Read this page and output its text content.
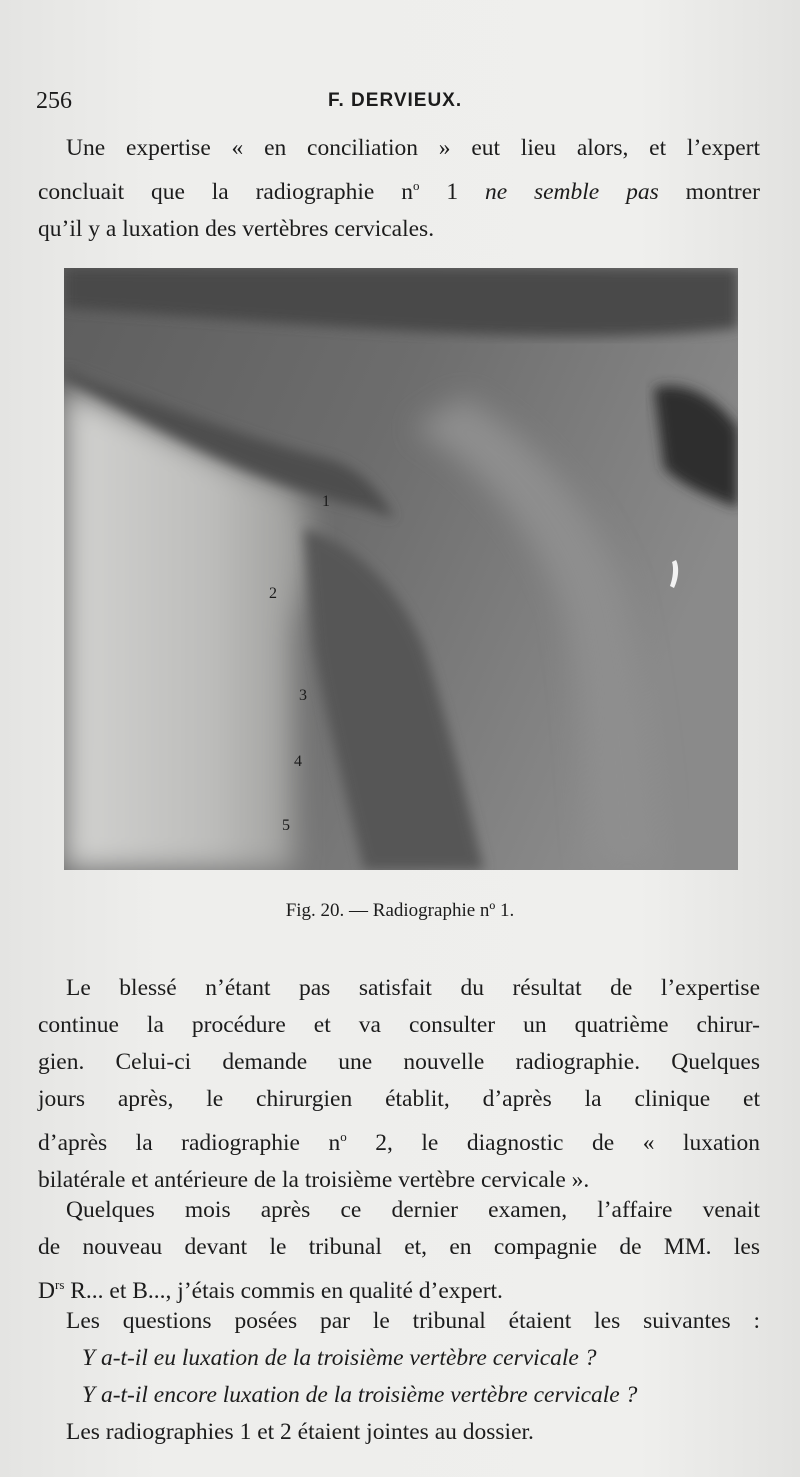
256	F. DERVIEUX.

Une expertise « en conciliation » eut lieu alors, et l’expert
concluait que la radiographie $n^o$ 1 ne semble pas montrer
qu’il y a luxation des vertèbres cervicales.

1
2
3
4
5
Fig. 20. — Radiographie nº 1.

Le blessé n’étant pas satisfait du résultat de l’expertise
continue la procédure et va consulter un quatrième chirur-
gien. Celui-ci demande une nouvelle radiographie. Quelques
jours après, le chirurgien établit, d’après la clinique et
d’après la radiographie $n^o$ 2, le diagnostic de « luxation
bilatérale et antérieure de la troisième vertèbre cervicale ».

Quelques mois après ce dernier examen, l’affaire venait
de nouveau devant le tribunal et, en compagnie de MM. les
$D^{rs}$ R... et B..., j’étais commis en qualité d’expert.

Les questions posées par le tribunal étaient les suivantes :
Y a-t-il eu luxation de la troisième vertèbre cervicale ?
Y a-t-il encore luxation de la troisième vertèbre cervicale ?
Les radiographies 1 et 2 étaient jointes au dossier.
